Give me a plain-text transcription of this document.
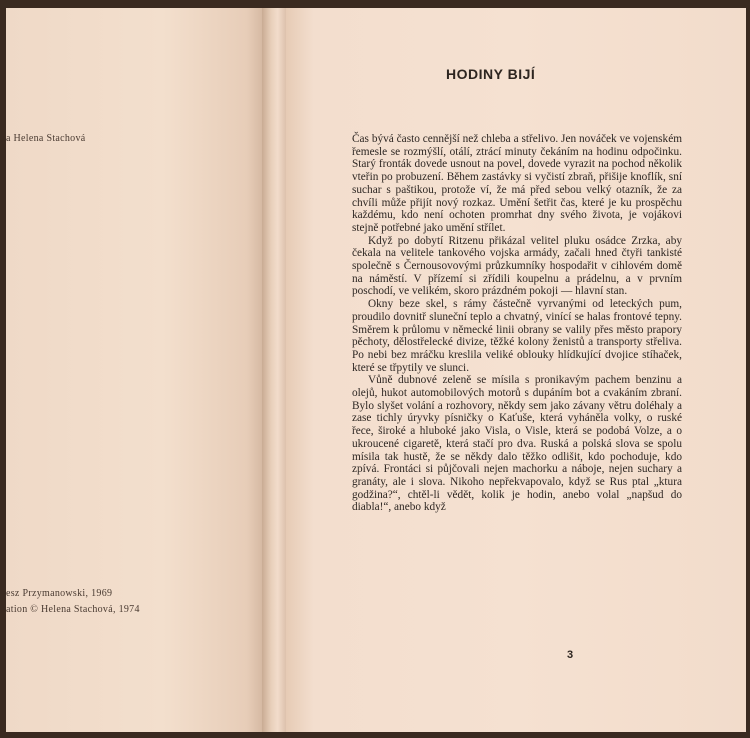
a Helena Stachová
esz Przymanowski, 1969
ation © Helena Stachová, 1974
HODINY BIJÍ

Čas bývá často cennější než chleba a střelivo. Jen nováček ve vojenském řemesle se rozmýšlí, otálí, ztrácí minuty čekáním na hodinu odpočinku. Starý fronták dovede usnout na povel, dovede vyrazit na pochod několik vteřin po probuzení. Během zastávky si vyčistí zbraň, přišije knoflík, sní suchar s paštikou, protože ví, že má před sebou velký otazník, že za chvíli může přijít nový rozkaz. Umění šetřit čas, které je ku prospěchu každému, kdo není ochoten promrhat dny svého života, je vojákovi stejně potřebné jako umění střílet.

Když po dobytí Ritzenu přikázal velitel pluku osádce Zrzka, aby čekala na velitele tankového vojska armády, začali hned čtyři tankisté společně s Černousovovými průzkumníky hospodařit v cihlovém domě na náměstí. V přízemí si zřídili koupelnu a prádelnu, a v prvním poschodí, ve velikém, skoro prázdném pokoji — hlavní stan.

Okny beze skel, s rámy částečně vyrvanými od leteckých pum, proudilo dovnitř sluneční teplo a chvatný, vinící se halas frontové tepny. Směrem k průlomu v německé linii obrany se valily přes město prapory pěchoty, dělostřelecké divize, těžké kolony ženistů a transporty střeliva. Po nebi bez mráčku kreslila veliké oblouky hlídkující dvojice stíhaček, které se třpytily ve slunci.

Vůně dubnové zeleně se mísila s pronikavým pachem benzinu a olejů, hukot automobilových motorů s dupáním bot a cvakáním zbraní. Bylo slyšet volání a rozhovory, někdy sem jako závany větru doléhaly a zase tichly úryvky písničky o Kaťuše, která vyháněla volky, o ruské řece, široké a hluboké jako Visla, o Visle, která se podobá Volze, a o ukroucené cigaretě, která stačí pro dva. Ruská a polská slova se spolu mísila tak hustě, že se někdy dalo těžko odlišit, kdo pochoduje, kdo zpívá. Frontáci si půjčovali nejen machorku a náboje, nejen suchary a granáty, ale i slova. Nikoho nepřekvapovalo, když se Rus ptal „ktura godžina?“, chtěl-li vědět, kolik je hodin, anebo volal „napšud do diabla!“, anebo když

3
